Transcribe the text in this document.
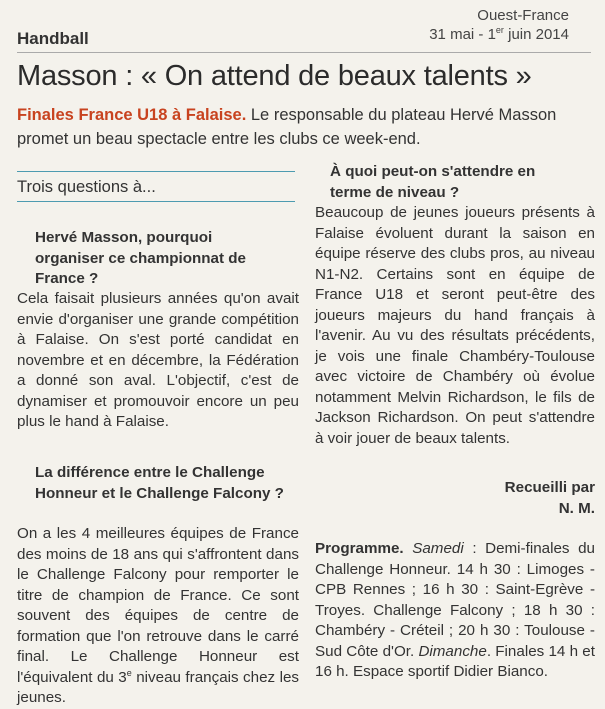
Ouest-France
31 mai - 1er juin 2014
Handball
Masson : « On attend de beaux talents »
Finales France U18 à Falaise. Le responsable du plateau Hervé Masson promet un beau spectacle entre les clubs ce week-end.
Trois questions à...

Hervé Masson, pourquoi organiser ce championnat de France ?

Cela faisait plusieurs années qu'on avait envie d'organiser une grande compétition à Falaise. On s'est porté candidat en novembre et en décembre, la Fédération a donné son aval. L'objectif, c'est de dynamiser et promouvoir encore un peu plus le hand à Falaise.

La différence entre le Challenge Honneur et le Challenge Falcony ?

On a les 4 meilleures équipes de France des moins de 18 ans qui s'affrontent dans le Challenge Falcony pour remporter le titre de champion de France. Ce sont souvent des équipes de centre de formation que l'on retrouve dans le carré final. Le Challenge Honneur est l'équivalent du 3e niveau français chez les jeunes.

À quoi peut-on s'attendre en terme de niveau ?

Beaucoup de jeunes joueurs présents à Falaise évoluent durant la saison en équipe réserve des clubs pros, au niveau N1-N2. Certains sont en équipe de France U18 et seront peut-être des joueurs majeurs du hand français à l'avenir. Au vu des résultats précédents, je vois une finale Chambéry-Toulouse avec victoire de Chambéry où évolue notamment Melvin Richardson, le fils de Jackson Richardson. On peut s'attendre à voir jouer de beaux talents.

Recueilli par

N. M.

Programme. Samedi : Demi-finales du Challenge Honneur. 14 h 30 : Limoges - CPB Rennes ; 16 h 30 : Saint-Egrève - Troyes. Challenge Falcony ; 18 h 30 : Chambéry - Créteil ; 20 h 30 : Toulouse - Sud Côte d'Or. Dimanche. Finales 14 h et 16 h. Espace sportif Didier Bianco.
